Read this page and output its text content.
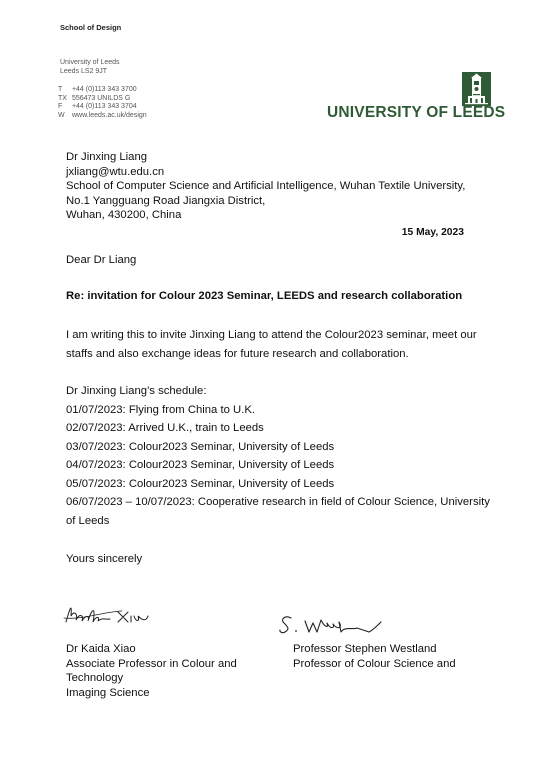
School of Design
University of Leeds
Leeds LS2 9JT
T +44 (0)113 343 3700
TX 556473 UNILDS G
F +44 (0)113 343 3704
W www.leeds.ac.uk/design	UNIVERSITY OF LEEDS
Dr Jinxing Liang
jxliang@wtu.edu.cn
School of Computer Science and Artificial Intelligence, Wuhan Textile University,
No.1 Yangguang Road Jiangxia District,
Wuhan, 430200, China
15 May, 2023
Dear Dr Liang
Re: invitation for Colour 2023 Seminar, LEEDS and research collaboration
I am writing this to invite Jinxing Liang to attend the Colour2023 seminar, meet our staffs and also exchange ideas for future research and collaboration.
Dr Jinxing Liang’s schedule:
01/07/2023: Flying from China to U.K.
02/07/2023: Arrived U.K., train to Leeds
03/07/2023: Colour2023 Seminar, University of Leeds
04/07/2023: Colour2023 Seminar, University of Leeds
05/07/2023: Colour2023 Seminar, University of Leeds
06/07/2023 – 10/07/2023: Cooperative research in field of Colour Science, University of Leeds
Yours sincerely
Dr Kaida Xiao
Associate Professor in Colour and Technology
Imaging Science
Professor Stephen Westland
Professor of Colour Science and
